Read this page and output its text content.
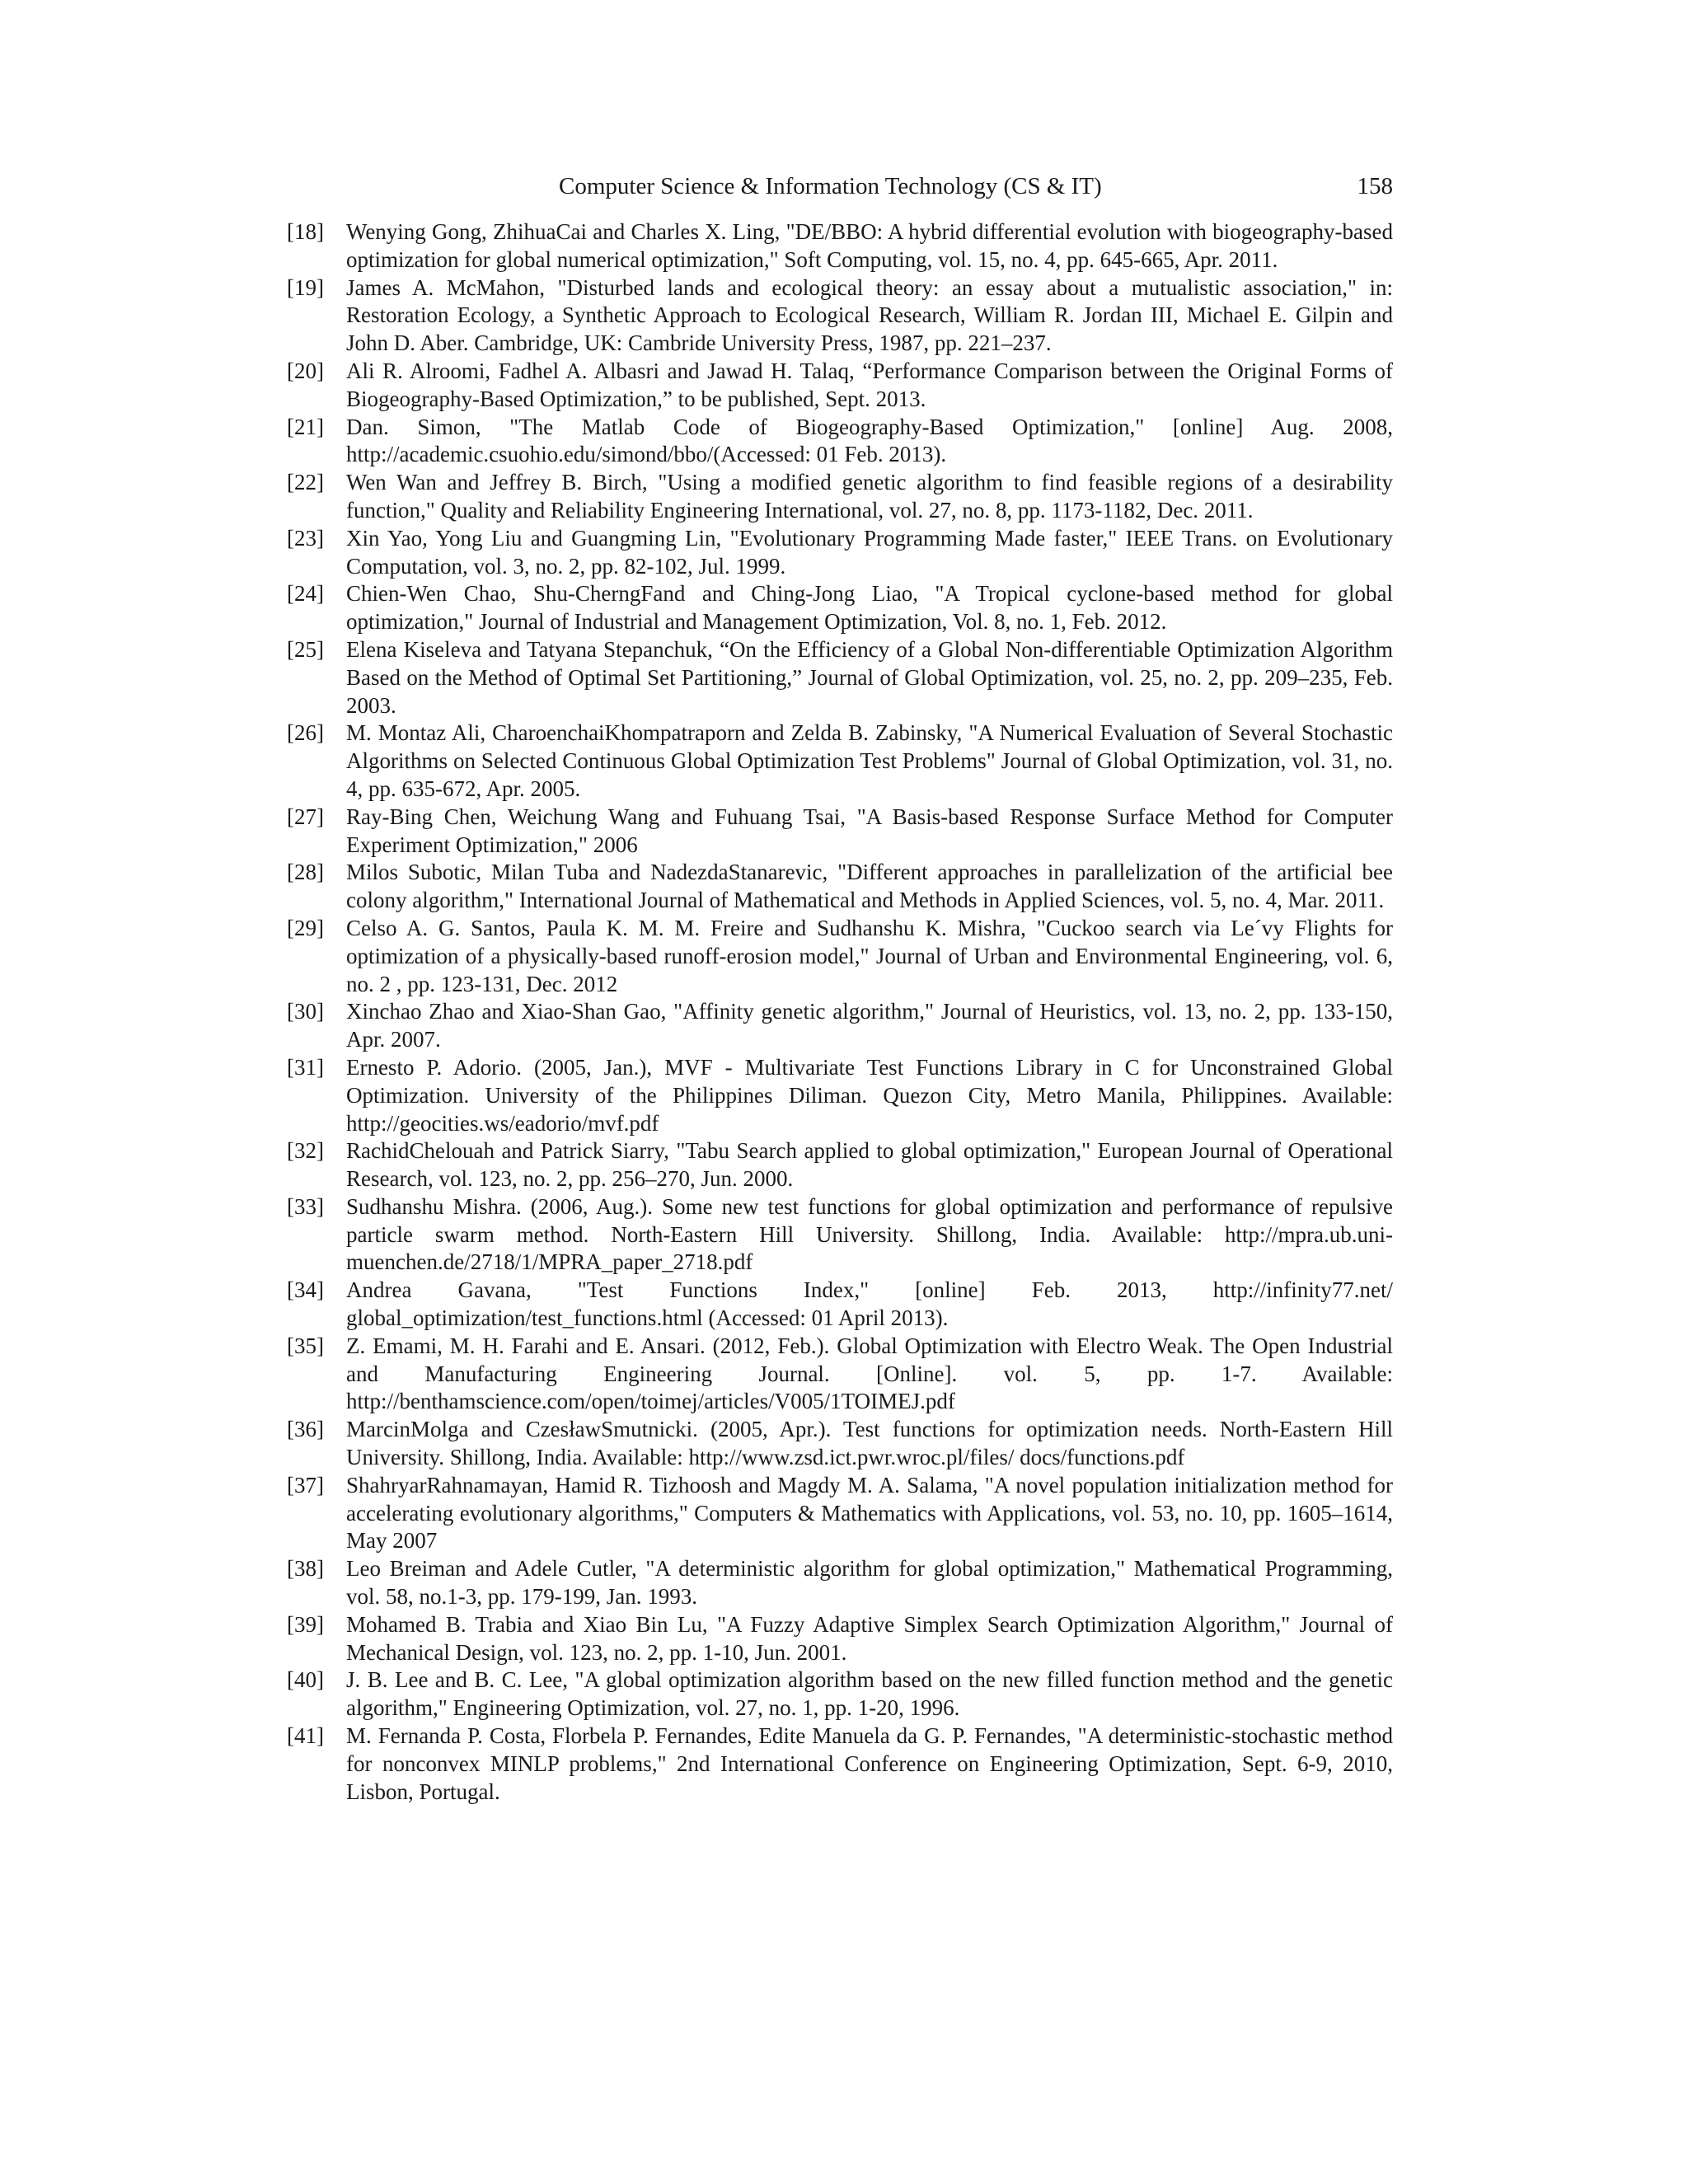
Computer Science & Information Technology (CS & IT)	158
[18] Wenying Gong, ZhihuaCai and Charles X. Ling, "DE/BBO: A hybrid differential evolution with biogeography-based optimization for global numerical optimization," Soft Computing, vol. 15, no. 4, pp. 645-665, Apr. 2011.
[19] James A. McMahon, "Disturbed lands and ecological theory: an essay about a mutualistic association," in: Restoration Ecology, a Synthetic Approach to Ecological Research, William R. Jordan III, Michael E. Gilpin and John D. Aber. Cambridge, UK: Cambride University Press, 1987, pp. 221–237.
[20] Ali R. Alroomi, Fadhel A. Albasri and Jawad H. Talaq, “Performance Comparison between the Original Forms of Biogeography-Based Optimization,” to be published, Sept. 2013.
[21] Dan. Simon, "The Matlab Code of Biogeography-Based Optimization," [online] Aug. 2008, http://academic.csuohio.edu/simond/bbo/(Accessed: 01 Feb. 2013).
[22] Wen Wan and Jeffrey B. Birch, "Using a modified genetic algorithm to find feasible regions of a desirability function," Quality and Reliability Engineering International, vol. 27, no. 8, pp. 1173-1182, Dec. 2011.
[23] Xin Yao, Yong Liu and Guangming Lin, "Evolutionary Programming Made faster," IEEE Trans. on Evolutionary Computation, vol. 3, no. 2, pp. 82-102, Jul. 1999.
[24] Chien-Wen Chao, Shu-CherngFand and Ching-Jong Liao, "A Tropical cyclone-based method for global optimization," Journal of Industrial and Management Optimization, Vol. 8, no. 1, Feb. 2012.
[25] Elena Kiseleva and Tatyana Stepanchuk, “On the Efficiency of a Global Non-differentiable Optimization Algorithm Based on the Method of Optimal Set Partitioning,” Journal of Global Optimization, vol. 25, no. 2, pp. 209–235, Feb. 2003.
[26] M. Montaz Ali, CharoenchaiKhompatraporn and Zelda B. Zabinsky, "A Numerical Evaluation of Several Stochastic Algorithms on Selected Continuous Global Optimization Test Problems" Journal of Global Optimization, vol. 31, no. 4, pp. 635-672, Apr. 2005.
[27] Ray-Bing Chen, Weichung Wang and Fuhuang Tsai, "A Basis-based Response Surface Method for Computer Experiment Optimization," 2006
[28] Milos Subotic, Milan Tuba and NadezdaStanarevic, "Different approaches in parallelization of the artificial bee colony algorithm," International Journal of Mathematical and Methods in Applied Sciences, vol. 5, no. 4, Mar. 2011.
[29] Celso A. G. Santos, Paula K. M. M. Freire and Sudhanshu K. Mishra, "Cuckoo search via Le´vy Flights for optimization of a physically-based runoff-erosion model," Journal of Urban and Environmental Engineering, vol. 6, no. 2 , pp. 123-131, Dec. 2012
[30] Xinchao Zhao and Xiao-Shan Gao, "Affinity genetic algorithm," Journal of Heuristics, vol. 13, no. 2, pp. 133-150, Apr. 2007.
[31] Ernesto P. Adorio. (2005, Jan.), MVF - Multivariate Test Functions Library in C for Unconstrained Global Optimization. University of the Philippines Diliman. Quezon City, Metro Manila, Philippines. Available: http://geocities.ws/eadorio/mvf.pdf
[32] RachidChelouah and Patrick Siarry, "Tabu Search applied to global optimization," European Journal of Operational Research, vol. 123, no. 2, pp. 256–270, Jun. 2000.
[33] Sudhanshu Mishra. (2006, Aug.). Some new test functions for global optimization and performance of repulsive particle swarm method. North-Eastern Hill University. Shillong, India. Available: http://mpra.ub.uni-muenchen.de/2718/1/MPRA_paper_2718.pdf
[34] Andrea Gavana, "Test Functions Index," [online] Feb. 2013, http://infinity77.net/ global_optimization/test_functions.html (Accessed: 01 April 2013).
[35] Z. Emami, M. H. Farahi and E. Ansari. (2012, Feb.). Global Optimization with Electro Weak. The Open Industrial and Manufacturing Engineering Journal. [Online]. vol. 5, pp. 1-7. Available: http://benthamscience.com/open/toimej/articles/V005/1TOIMEJ.pdf
[36] MarcinMolga and CzesławSmutnicki. (2005, Apr.). Test functions for optimization needs. North-Eastern Hill University. Shillong, India. Available: http://www.zsd.ict.pwr.wroc.pl/files/ docs/functions.pdf
[37] ShahryarRahnamayan, Hamid R. Tizhoosh and Magdy M. A. Salama, "A novel population initialization method for accelerating evolutionary algorithms," Computers & Mathematics with Applications, vol. 53, no. 10, pp. 1605–1614, May 2007
[38] Leo Breiman and Adele Cutler, "A deterministic algorithm for global optimization," Mathematical Programming, vol. 58, no.1-3, pp. 179-199, Jan. 1993.
[39] Mohamed B. Trabia and Xiao Bin Lu, "A Fuzzy Adaptive Simplex Search Optimization Algorithm," Journal of Mechanical Design, vol. 123, no. 2, pp. 1-10, Jun. 2001.
[40] J. B. Lee and B. C. Lee, "A global optimization algorithm based on the new filled function method and the genetic algorithm," Engineering Optimization, vol. 27, no. 1, pp. 1-20, 1996.
[41] M. Fernanda P. Costa, Florbela P. Fernandes, Edite Manuela da G. P. Fernandes, "A deterministic-stochastic method for nonconvex MINLP problems," 2nd International Conference on Engineering Optimization, Sept. 6-9, 2010, Lisbon, Portugal.
